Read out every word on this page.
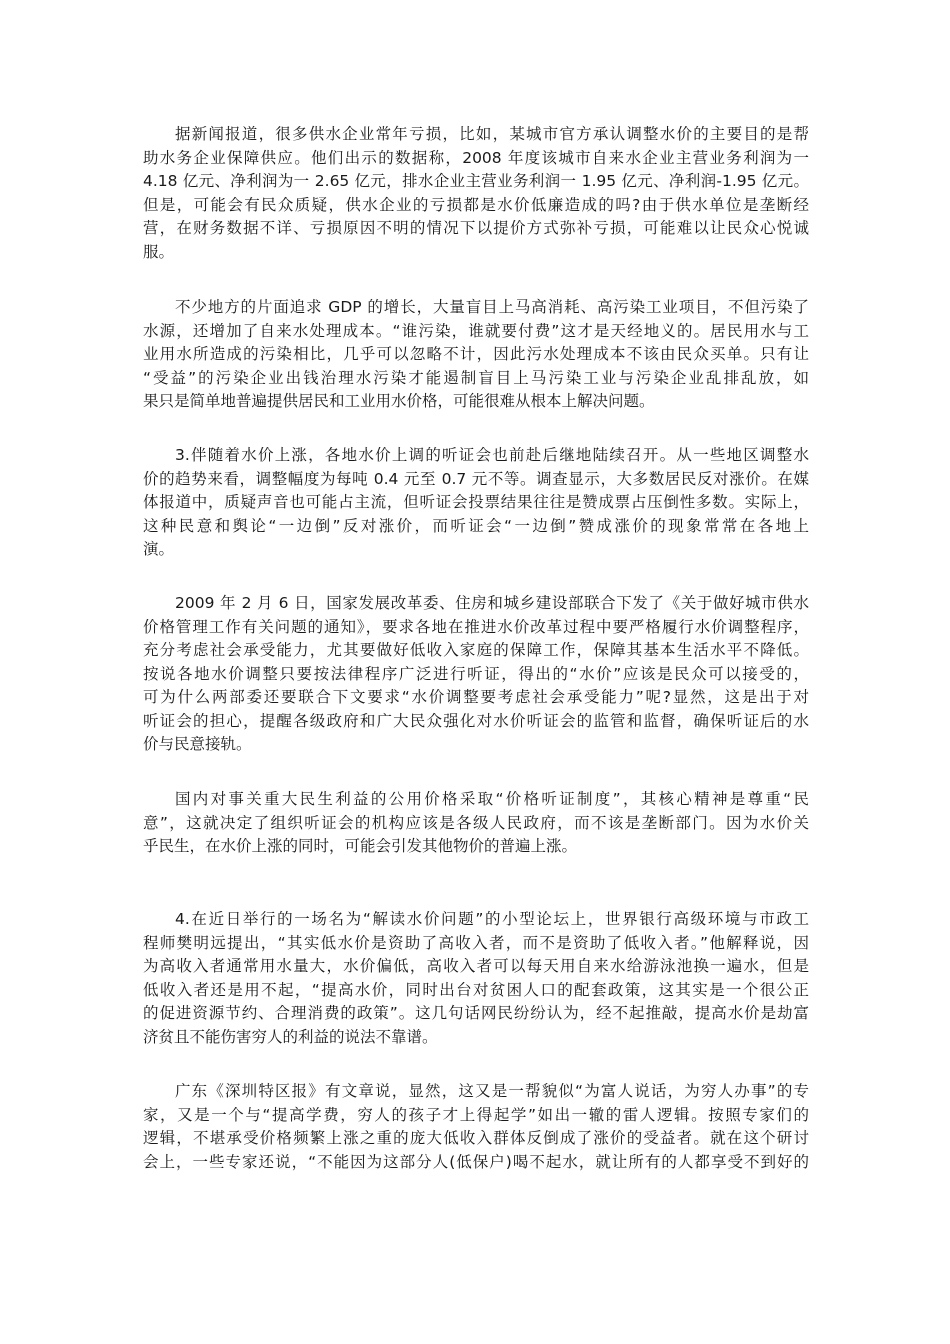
据新闻报道，很多供水企业常年亏损，比如，某城市官方承认调整水价的主要目的是帮
助水务企业保障供应。他们出示的数据称，2008 年度该城市自来水企业主营业务利润为一
4.18 亿元、净利润为一 2.65 亿元，排水企业主营业务利润一 1.95 亿元、净利润-1.95 亿元。
但是，可能会有民众质疑，供水企业的亏损都是水价低廉造成的吗?由于供水单位是垄断经
营，在财务数据不详、亏损原因不明的情况下以提价方式弥补亏损，可能难以让民众心悦诚
服。
不少地方的片面追求 GDP 的增长，大量盲目上马高消耗、高污染工业项目，不但污染了
水源，还增加了自来水处理成本。“谁污染，谁就要付费”这才是天经地义的。居民用水与工
业用水所造成的污染相比，几乎可以忽略不计，因此污水处理成本不该由民众买单。只有让
“受益”的污染企业出钱治理水污染才能遏制盲目上马污染工业与污染企业乱排乱放，如
果只是简单地普遍提供居民和工业用水价格，可能很难从根本上解决问题。
3.伴随着水价上涨，各地水价上调的听证会也前赴后继地陆续召开。从一些地区调整水
价的趋势来看，调整幅度为每吨 0.4 元至 0.7 元不等。调查显示，大多数居民反对涨价。在媒
体报道中，质疑声音也可能占主流，但听证会投票结果往往是赞成票占压倒性多数。实际上，
这种民意和舆论“一边倒”反对涨价，而听证会“一边倒”赞成涨价的现象常常在各地上
演。
2009 年 2 月 6 日，国家发展改革委、住房和城乡建设部联合下发了《关于做好城市供水
价格管理工作有关问题的通知》，要求各地在推进水价改革过程中要严格履行水价调整程序，
充分考虑社会承受能力，尤其要做好低收入家庭的保障工作，保障其基本生活水平不降低。
按说各地水价调整只要按法律程序广泛进行听证，得出的“水价”应该是民众可以接受的，
可为什么两部委还要联合下文要求“水价调整要考虑社会承受能力”呢?显然，这是出于对
听证会的担心，提醒各级政府和广大民众强化对水价听证会的监管和监督，确保听证后的水
价与民意接轨。
国内对事关重大民生利益的公用价格采取“价格听证制度”，其核心精神是尊重“民
意”，这就决定了组织听证会的机构应该是各级人民政府，而不该是垄断部门。因为水价关
乎民生，在水价上涨的同时，可能会引发其他物价的普遍上涨。
4.在近日举行的一场名为“解读水价问题”的小型论坛上，世界银行高级环境与市政工
程师樊明远提出，“其实低水价是资助了高收入者，而不是资助了低收入者。”他解释说，因
为高收入者通常用水量大，水价偏低，高收入者可以每天用自来水给游泳池换一遍水，但是
低收入者还是用不起，“提高水价，同时出台对贫困人口的配套政策，这其实是一个很公正
的促进资源节约、合理消费的政策”。这几句话网民纷纷认为，经不起推敲，提高水价是劫富
济贫且不能伤害穷人的利益的说法不靠谱。
广东《深圳特区报》有文章说，显然，这又是一帮貌似“为富人说话，为穷人办事”的专
家，又是一个与“提高学费，穷人的孩子才上得起学”如出一辙的雷人逻辑。按照专家们的
逻辑，不堪承受价格频繁上涨之重的庞大低收入群体反倒成了涨价的受益者。就在这个研讨
会上，一些专家还说，“不能因为这部分人(低保户)喝不起水，就让所有的人都享受不到好的
